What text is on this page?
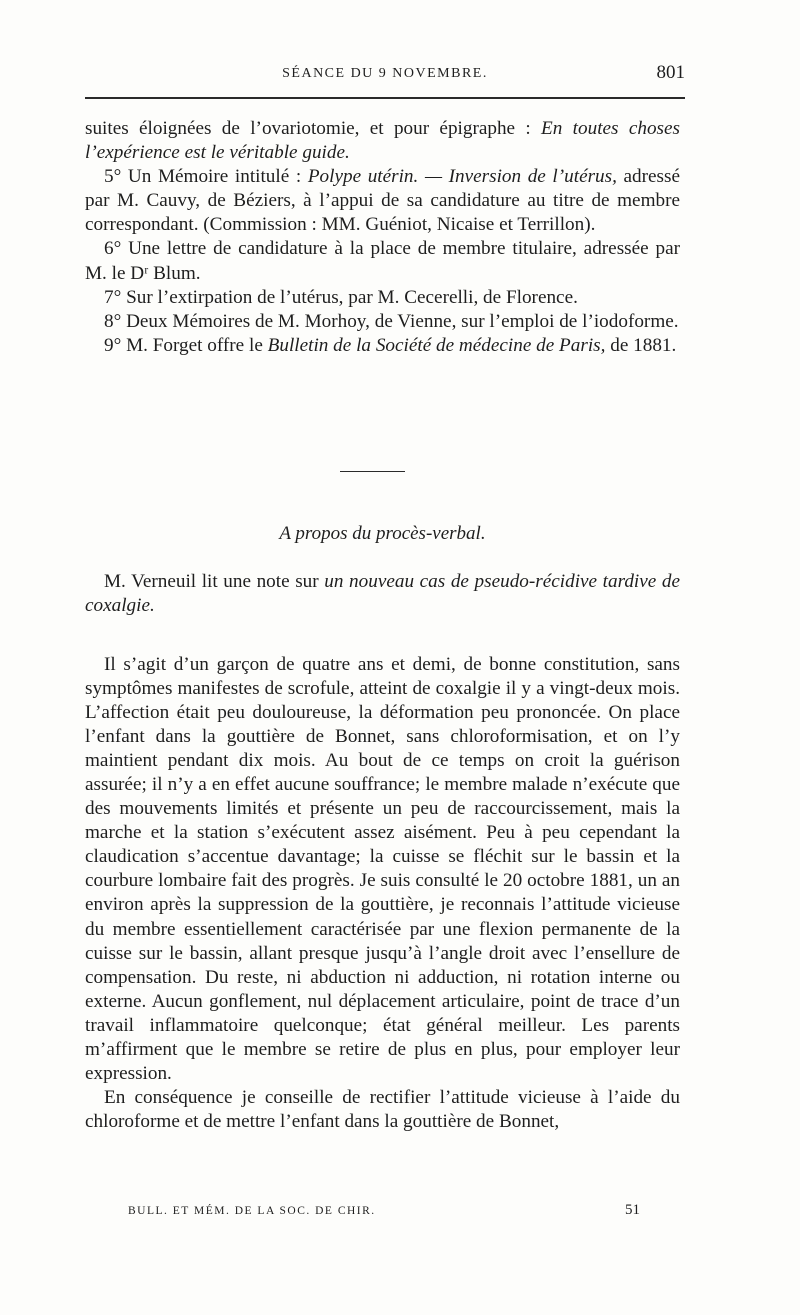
SÉANCE DU 9 NOVEMBRE.	801

suites éloignées de l’ovariotomie, et pour épigraphe : En toutes choses l’expérience est le véritable guide.

5° Un Mémoire intitulé : Polype utérin. — Inversion de l’utérus, adressé par M. Cauvy, de Béziers, à l’appui de sa candidature au titre de membre correspondant. (Commission : MM. Guéniot, Nicaise et Terrillon).

6° Une lettre de candidature à la place de membre titulaire, adressée par M. le Dʳ Blum.

7° Sur l’extirpation de l’utérus, par M. Cecerelli, de Florence.

8° Deux Mémoires de M. Morhoy, de Vienne, sur l’emploi de l’iodoforme.

9° M. Forget offre le Bulletin de la Société de médecine de Paris, de 1881.

A propos du procès-verbal.

M. Verneuil lit une note sur un nouveau cas de pseudo-récidive tardive de coxalgie.

Il s’agit d’un garçon de quatre ans et demi, de bonne constitution, sans symptômes manifestes de scrofule, atteint de coxalgie il y a vingt-deux mois. L’affection était peu douloureuse, la déformation peu prononcée. On place l’enfant dans la gouttière de Bonnet, sans chloroformisation, et on l’y maintient pendant dix mois. Au bout de ce temps on croit la guérison assurée; il n’y a en effet aucune souffrance; le membre malade n’exécute que des mouvements limités et présente un peu de raccourcissement, mais la marche et la station s’exécutent assez aisément. Peu à peu cependant la claudication s’accentue davantage; la cuisse se fléchit sur le bassin et la courbure lombaire fait des progrès. Je suis consulté le 20 octobre 1881, un an environ après la suppression de la gouttière, je reconnais l’attitude vicieuse du membre essentiellement caractérisée par une flexion permanente de la cuisse sur le bassin, allant presque jusqu’à l’angle droit avec l’ensellure de compensation. Du reste, ni abduction ni adduction, ni rotation interne ou externe. Aucun gonflement, nul déplacement articulaire, point de trace d’un travail inflammatoire quelconque; état général meilleur. Les parents m’affirment que le membre se retire de plus en plus, pour employer leur expression.

En conséquence je conseille de rectifier l’attitude vicieuse à l’aide du chloroforme et de mettre l’enfant dans la gouttière de Bonnet,

BULL. ET MÉM. DE LA SOC. DE CHIR.	51
